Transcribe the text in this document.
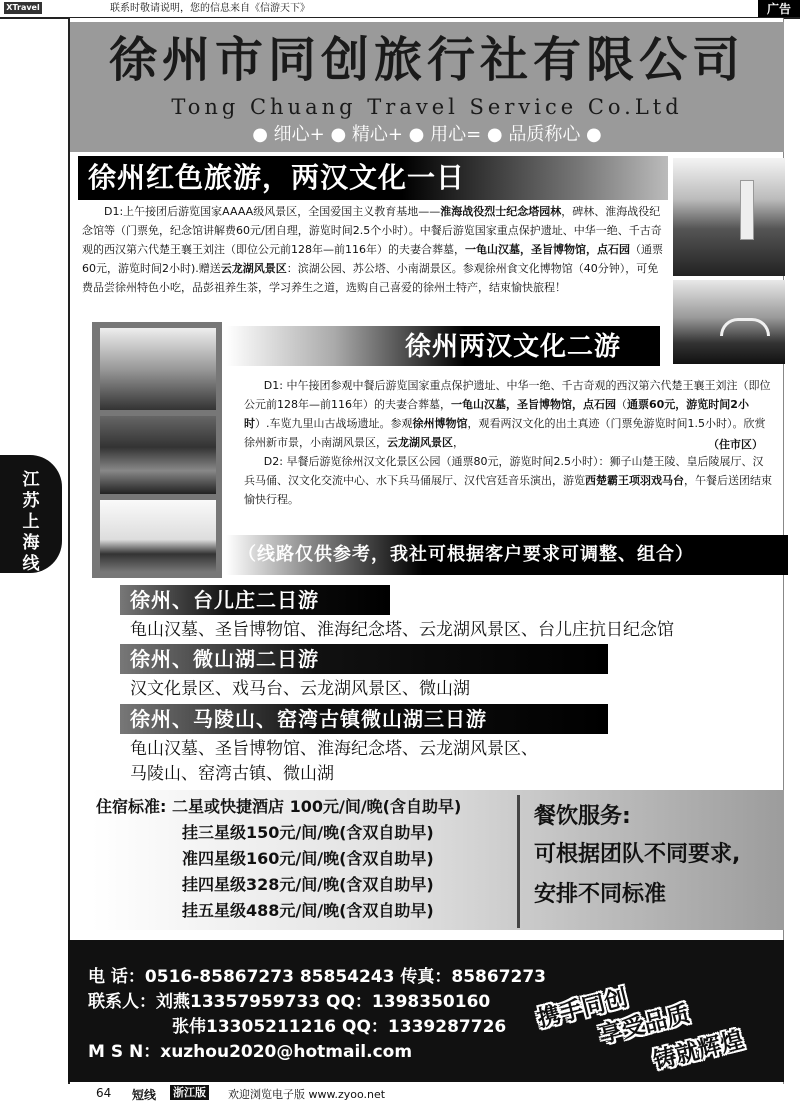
XTravel	联系时敬请说明，您的信息来自《信游天下》	广告
徐州市同创旅行社有限公司
Tong Chuang Travel Service Co.Ltd
● 细心+ ● 精心+ ● 用心= ● 品质称心 ●
江苏上海线
徐州红色旅游，两汉文化一日
D1:上午接团后游览国家AAAA级风景区，全国爱国主义教育基地——淮海战役烈士纪念塔园林，碑林、淮海战役纪念馆等（门票免，纪念馆讲解费60元/团自理，游览时间2.5个小时）。中餐后游览国家重点保护遗址、中华一绝、千古奇观的西汉第六代楚王襄王刘注（即位公元前128年—前116年）的夫妻合葬墓，一龟山汉墓，圣旨博物馆，点石园（通票60元，游览时间2小时).赠送云龙湖风景区：滨湖公园、苏公塔、小南湖景区。参观徐州食文化博物馆（40分钟），可免费品尝徐州特色小吃，品彭祖养生茶，学习养生之道，选购自己喜爱的徐州土特产，结束愉快旅程！
徐州两汉文化二游

D1: 中午接团参观中餐后游览国家重点保护遗址、中华一绝、千古奇观的西汉第六代楚王襄王刘注（即位公元前128年—前116年）的夫妻合葬墓，一龟山汉墓，圣旨博物馆，点石园（通票60元，游览时间2小时）.车览九里山古战场遗址。参观徐州博物馆，观看两汉文化的出土真迹（门票免游览时间1.5小时）。欣赏徐州新市景，小南湖风景区，云龙湖风景区，

D2: 早餐后游览徐州汉文化景区公园（通票80元，游览时间2.5小时）：狮子山楚王陵、皇后陵展厅、汉兵马俑、汉文化交流中心、水下兵马俑展厅、汉代宫廷音乐演出，游览西楚霸王项羽戏马台，午餐后送团结束愉快行程。

（住市区）
（线路仅供参考，我社可根据客户要求可调整、组合）
徐州、台儿庄二日游
龟山汉墓、圣旨博物馆、淮海纪念塔、云龙湖风景区、台儿庄抗日纪念馆
徐州、微山湖二日游
汉文化景区、戏马台、云龙湖风景区、微山湖
徐州、马陵山、窑湾古镇微山湖三日游
龟山汉墓、圣旨博物馆、淮海纪念塔、云龙湖风景区、
马陵山、窑湾古镇、微山湖
住宿标准: 二星或快捷酒店 100元/间/晚(含自助早)
挂三星级150元/间/晚(含双自助早)
准四星级160元/间/晚(含双自助早)
挂四星级328元/间/晚(含双自助早)
挂五星级488元/间/晚(含双自助早)
餐饮服务:
可根据团队不同要求,
安排不同标准
电 话：0516-85867273 85854243 传真：85867273
联系人：刘燕13357959733 QQ：1398350160
张伟13305211216 QQ：1339287726
M S N：xuzhou2020@hotmail.com
携手同创
享受品质
铸就辉煌
64 短线 浙江版 欢迎浏览电子版 www.zyoo.net
